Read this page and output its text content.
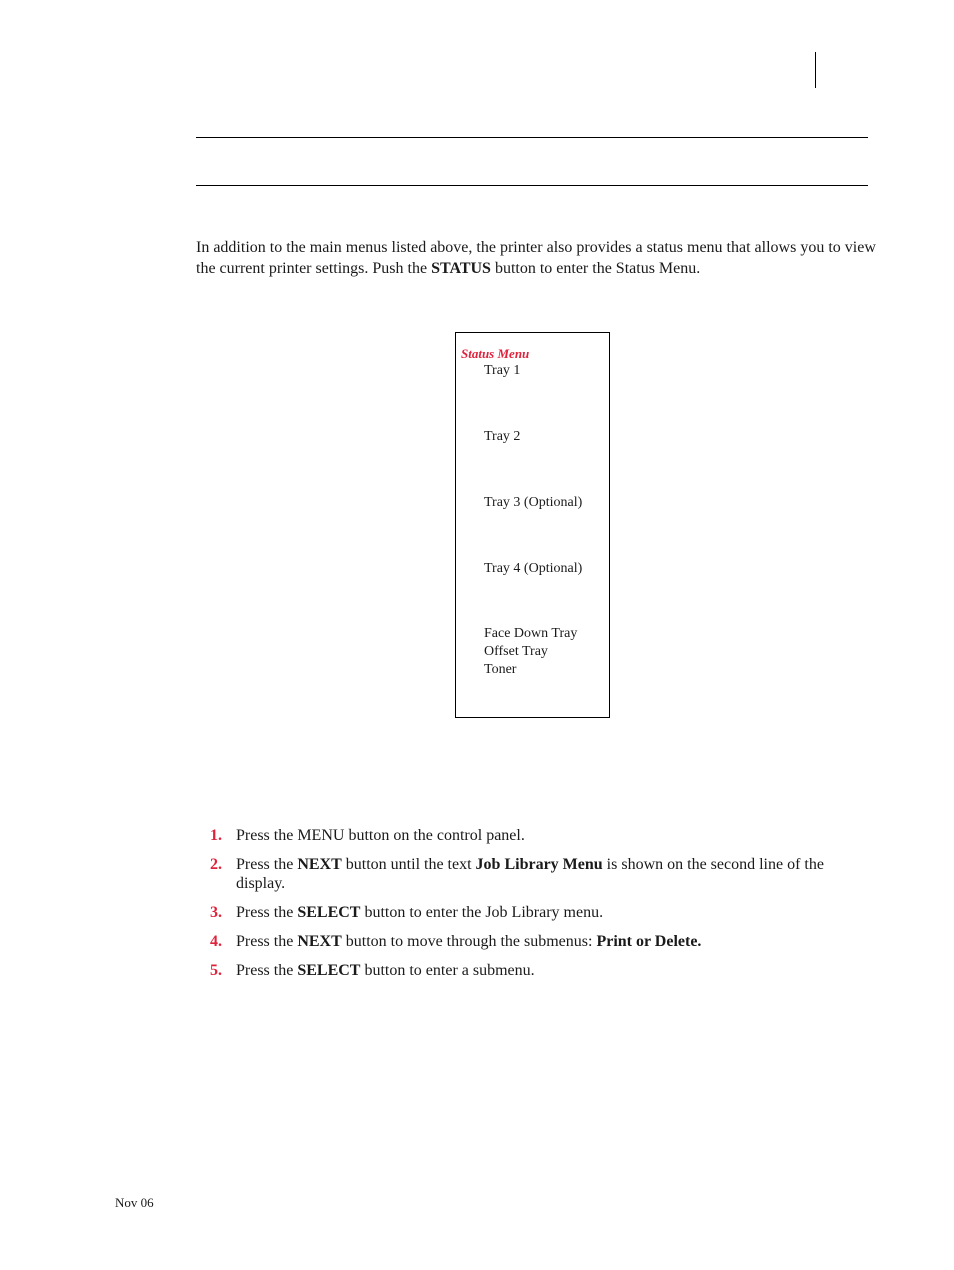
In addition to the main menus listed above, the printer also provides a status menu that allows you to view the current printer settings. Push the STATUS button to enter the Status Menu.

Status Menu
Tray 1
Tray 2
Tray 3 (Optional)
Tray 4 (Optional)
Face Down Tray
Offset Tray
Toner
1. Press the MENU button on the control panel.
2. Press the NEXT button until the text Job Library Menu is shown on the second line of the display.
3. Press the SELECT button to enter the Job Library menu.
4. Press the NEXT button to move through the submenus: Print or Delete.
5. Press the SELECT button to enter a submenu.
Nov 06
